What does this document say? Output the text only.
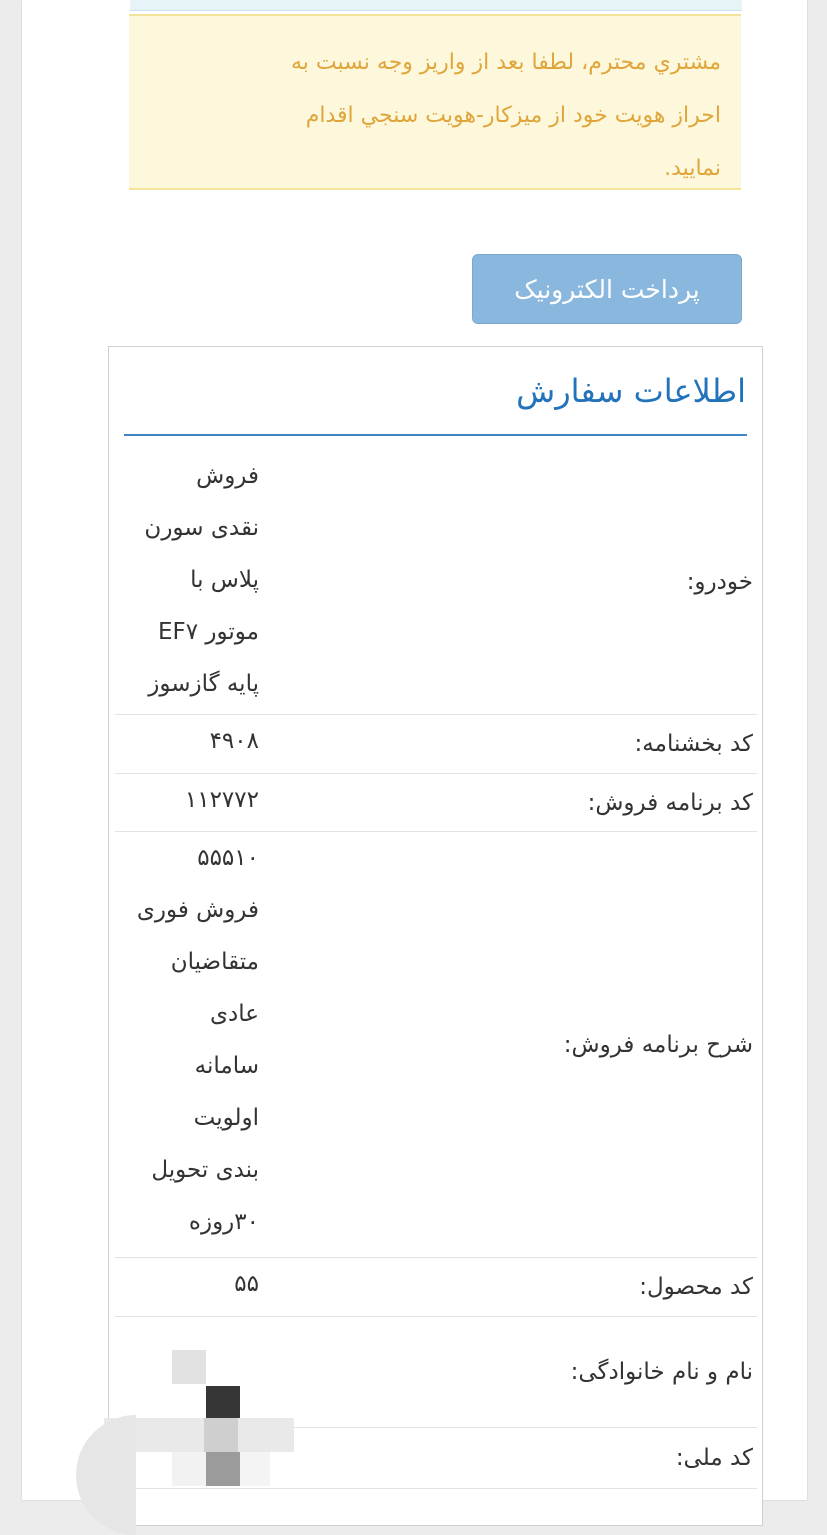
مشتري محترم، لطفا بعد از واريز وجه نسبت به
احراز هويت خود از ميزكار-هويت سنجي اقدام
نماييد.
پرداخت الکترونیک
اطلاعات سفارش
خودرو:
فروش
نقدی سورن
پلاس با
موتور EF۷
پایه گازسوز
کد بخشنامه:
۴۹۰۸
کد برنامه فروش:
۱۱۲۷۷۲
شرح برنامه فروش:
۵۵۵۱۰
فروش فوری
متقاضیان
عادی
سامانه
اولویت
بندی تحویل
۳۰روزه
کد محصول:
۵۵
نام و نام خانوادگی:
کد ملی:
